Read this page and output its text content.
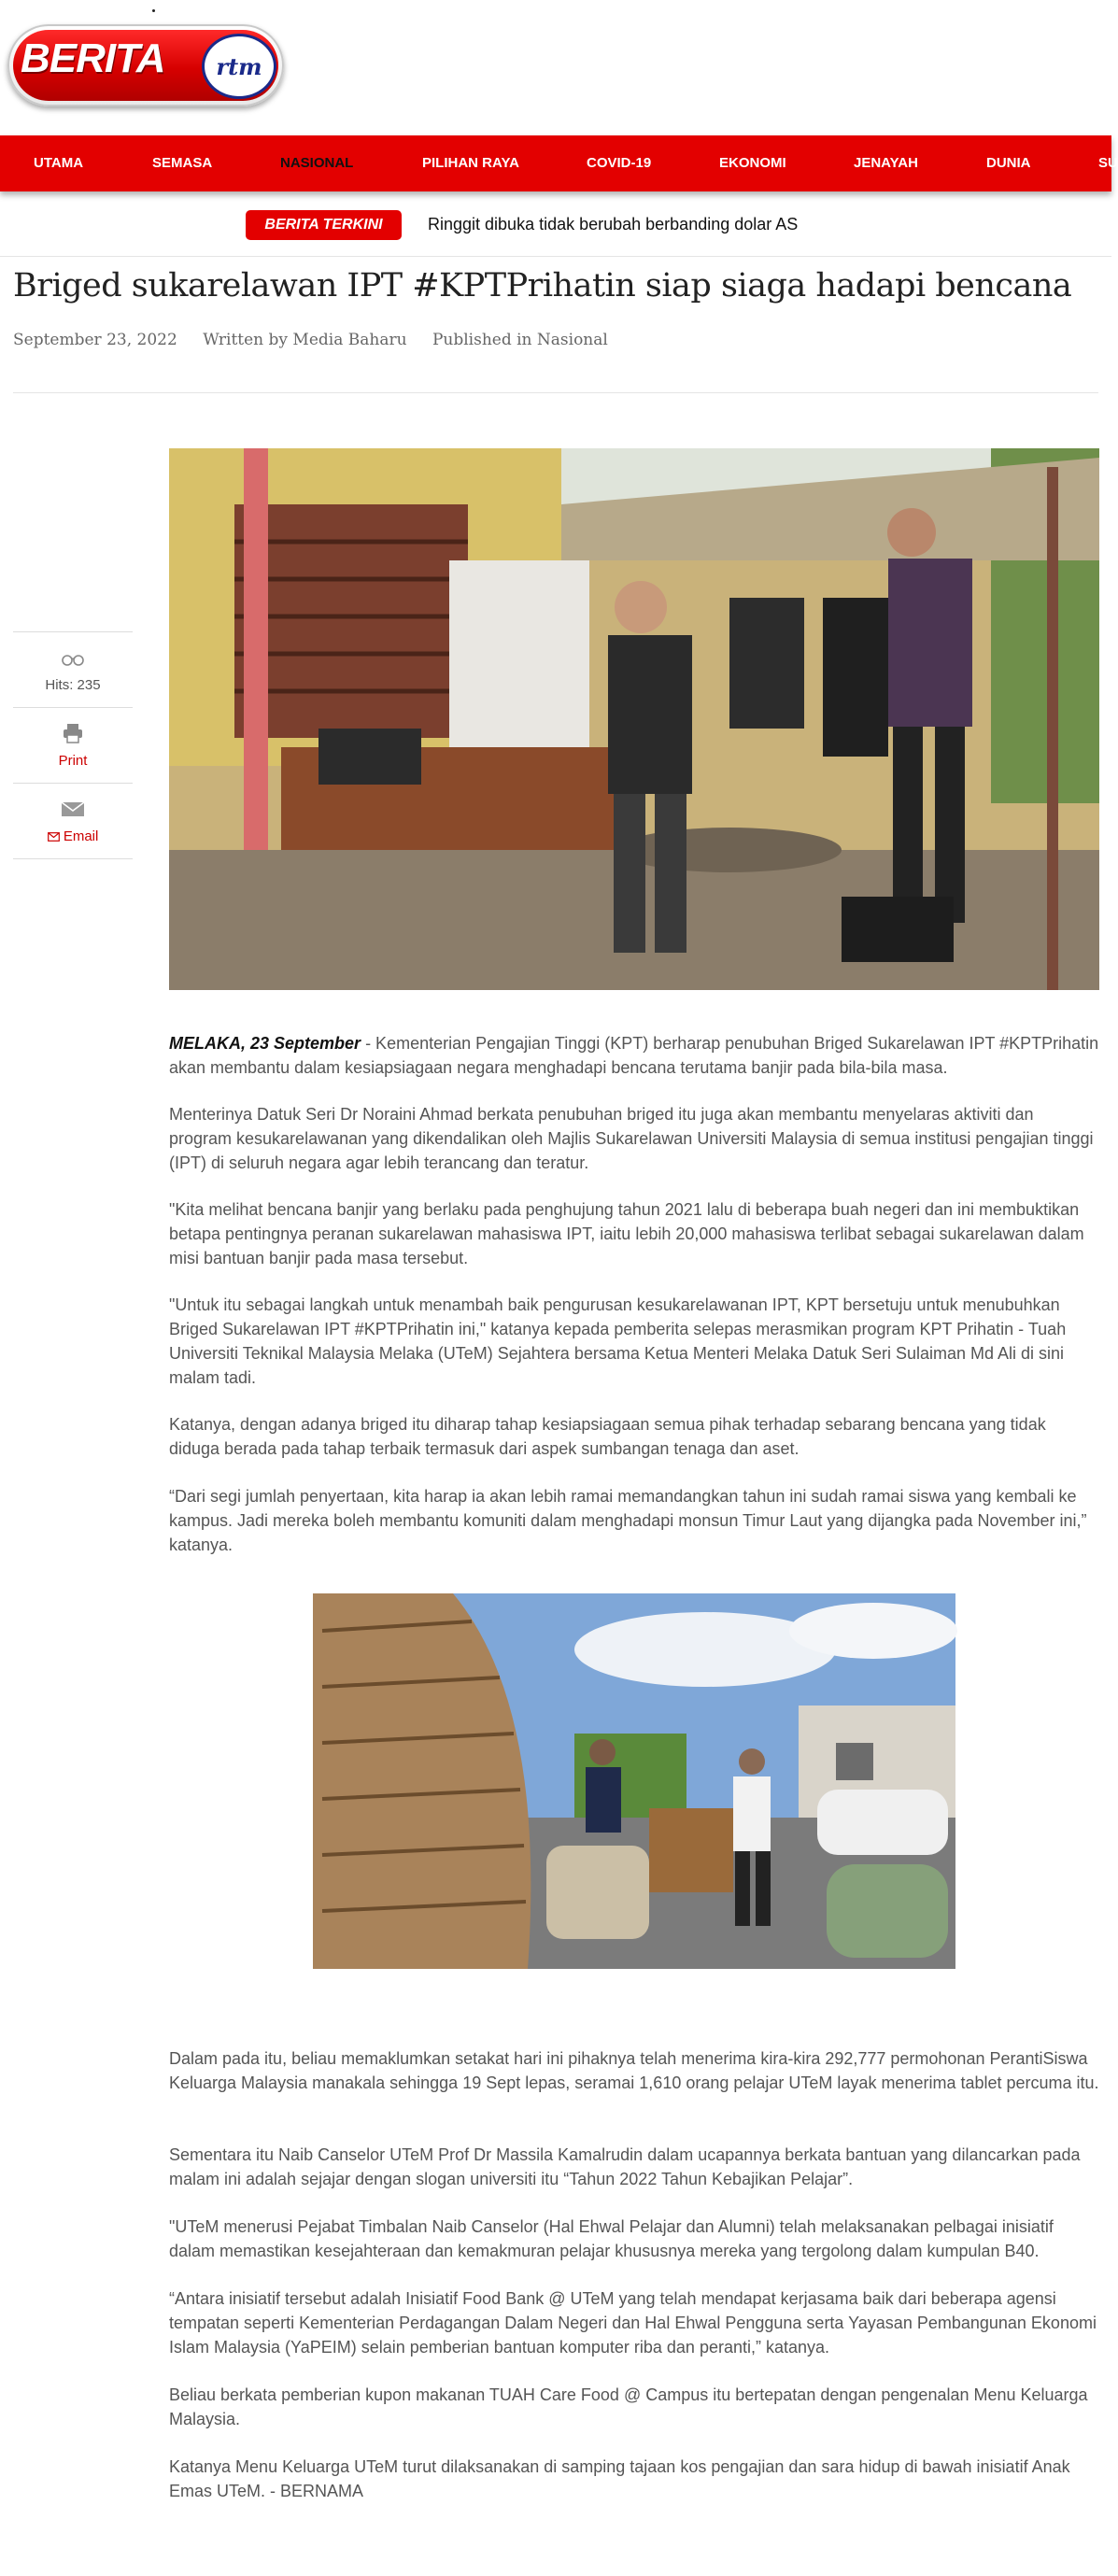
BERITA	rtm
UTAMA	SEMASA	NASIONAL	PILIHAN RAYA	COVID-19	EKONOMI	JENAYAH	DUNIA	SU
BERITA TERKINI	Ringgit dibuka tidak berubah berbanding dolar AS
Briged sukarelawan IPT #KPTPrihatin siap siaga hadapi bencana
September 23, 2022 Written by Media Baharu Published in Nasional
Hits: 235
Print
Email

MELAKA, 23 September - Kementerian Pengajian Tinggi (KPT) berharap penubuhan Briged Sukarelawan IPT #KPTPrihatin akan membantu dalam kesiapsiagaan negara menghadapi bencana terutama banjir pada bila-bila masa.

Menterinya Datuk Seri Dr Noraini Ahmad berkata penubuhan briged itu juga akan membantu menyelaras aktiviti dan program kesukarelawanan yang dikendalikan oleh Majlis Sukarelawan Universiti Malaysia di semua institusi pengajian tinggi (IPT) di seluruh negara agar lebih terancang dan teratur.

"Kita melihat bencana banjir yang berlaku pada penghujung tahun 2021 lalu di beberapa buah negeri dan ini membuktikan betapa pentingnya peranan sukarelawan mahasiswa IPT, iaitu lebih 20,000 mahasiswa terlibat sebagai sukarelawan dalam misi bantuan banjir pada masa tersebut.

"Untuk itu sebagai langkah untuk menambah baik pengurusan kesukarelawanan IPT, KPT bersetuju untuk menubuhkan Briged Sukarelawan IPT #KPTPrihatin ini," katanya kepada pemberita selepas merasmikan program KPT Prihatin - Tuah Universiti Teknikal Malaysia Melaka (UTeM) Sejahtera bersama Ketua Menteri Melaka Datuk Seri Sulaiman Md Ali di sini malam tadi.

Katanya, dengan adanya briged itu diharap tahap kesiapsiagaan semua pihak terhadap sebarang bencana yang tidak diduga berada pada tahap terbaik termasuk dari aspek sumbangan tenaga dan aset.

“Dari segi jumlah penyertaan, kita harap ia akan lebih ramai memandangkan tahun ini sudah ramai siswa yang kembali ke kampus. Jadi mereka boleh membantu komuniti dalam menghadapi monsun Timur Laut yang dijangka pada November ini,” katanya.

Dalam pada itu, beliau memaklumkan setakat hari ini pihaknya telah menerima kira-kira 292,777 permohonan PerantiSiswa Keluarga Malaysia manakala sehingga 19 Sept lepas, seramai 1,610 orang pelajar UTeM layak menerima tablet percuma itu.

Sementara itu Naib Canselor UTeM Prof Dr Massila Kamalrudin dalam ucapannya berkata bantuan yang dilancarkan pada malam ini adalah sejajar dengan slogan universiti itu “Tahun 2022 Tahun Kebajikan Pelajar”.

"UTeM menerusi Pejabat Timbalan Naib Canselor (Hal Ehwal Pelajar dan Alumni) telah melaksanakan pelbagai inisiatif dalam memastikan kesejahteraan dan kemakmuran pelajar khususnya mereka yang tergolong dalam kumpulan B40.

“Antara inisiatif tersebut adalah Inisiatif Food Bank @ UTeM yang telah mendapat kerjasama baik dari beberapa agensi tempatan seperti Kementerian Perdagangan Dalam Negeri dan Hal Ehwal Pengguna serta Yayasan Pembangunan Ekonomi Islam Malaysia (YaPEIM) selain pemberian bantuan komputer riba dan peranti,” katanya.

Beliau berkata pemberian kupon makanan TUAH Care Food @ Campus itu bertepatan dengan pengenalan Menu Keluarga Malaysia.

Katanya Menu Keluarga UTeM turut dilaksanakan di samping tajaan kos pengajian dan sara hidup di bawah inisiatif Anak Emas UTeM. - BERNAMA
